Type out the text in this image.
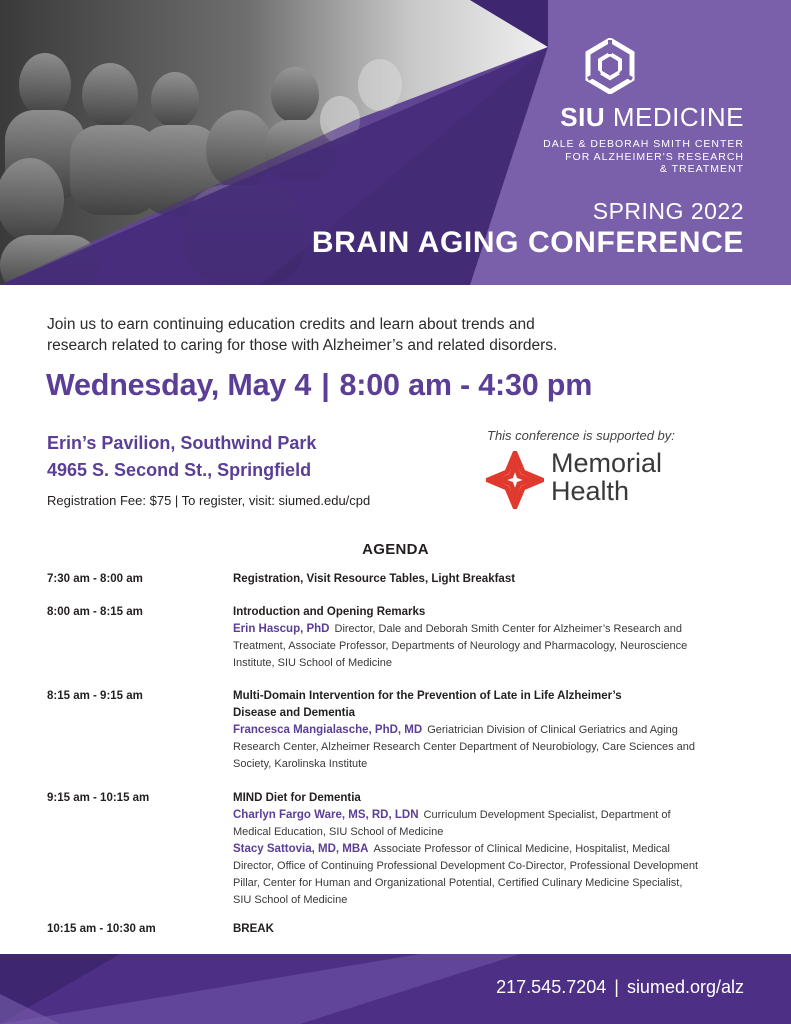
SIU MEDICINE
DALE & DEBORAH SMITH CENTER
FOR ALZHEIMER'S RESEARCH
& TREATMENT
SPRING 2022
BRAIN AGING CONFERENCE
Join us to earn continuing education credits and learn about trends and
research related to caring for those with Alzheimer’s and related disorders.
Wednesday, May 4 | 8:00 am - 4:30 pm
Erin’s Pavilion, Southwind Park
4965 S. Second St., Springfield
Registration Fee: $75 | To register, visit: siumed.edu/cpd
This conference is supported by:
Memorial
Health
AGENDA
7:30 am - 8:00 am	Registration, Visit Resource Tables, Light Breakfast
8:00 am - 8:15 am	Introduction and Opening Remarks
Erin Hascup, PhD Director, Dale and Deborah Smith Center for Alzheimer’s Research and
Treatment, Associate Professor, Departments of Neurology and Pharmacology, Neuroscience
Institute, SIU School of Medicine
8:15 am - 9:15 am	Multi-Domain Intervention for the Prevention of Late in Life Alzheimer’s
Disease and Dementia
Francesca Mangialasche, PhD, MD Geriatrician Division of Clinical Geriatrics and Aging
Research Center, Alzheimer Research Center Department of Neurobiology, Care Sciences and
Society, Karolinska Institute
9:15 am - 10:15 am	MIND Diet for Dementia
Charlyn Fargo Ware, MS, RD, LDN Curriculum Development Specialist, Department of
Medical Education, SIU School of Medicine
Stacy Sattovia, MD, MBA Associate Professor of Clinical Medicine, Hospitalist, Medical
Director, Office of Continuing Professional Development Co-Director, Professional Development
Pillar, Center for Human and Organizational Potential, Certified Culinary Medicine Specialist,
SIU School of Medicine
10:15 am - 10:30 am	BREAK
217.545.7204 | siumed.org/alz
